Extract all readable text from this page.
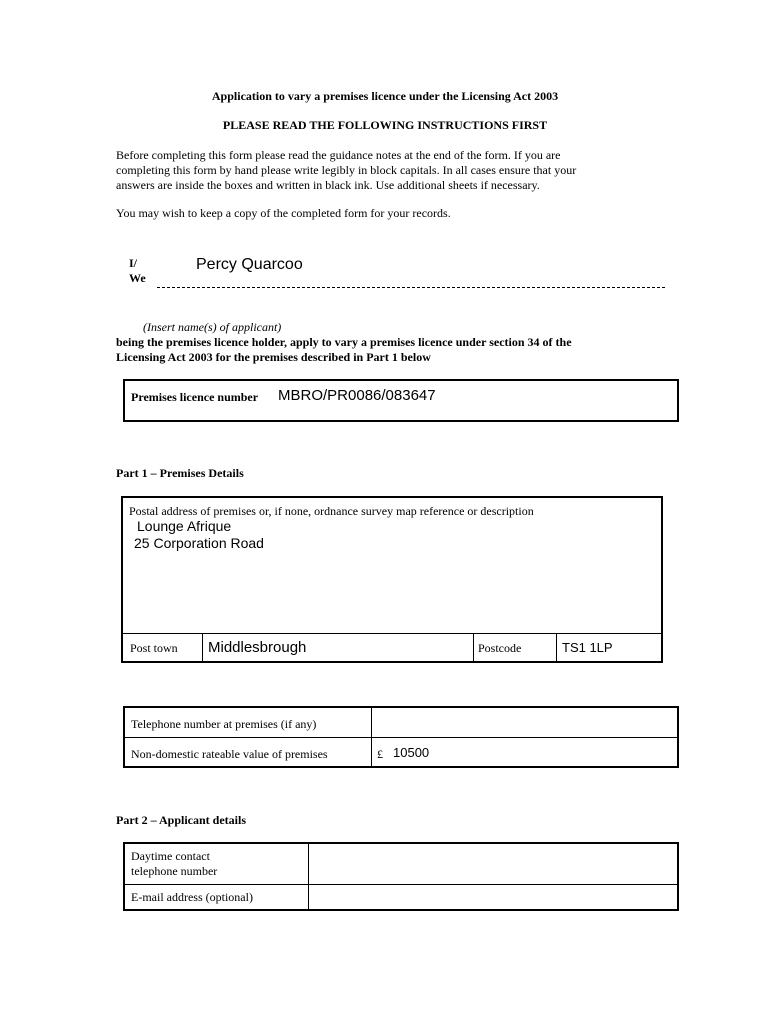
Application to vary a premises licence under the Licensing Act 2003
PLEASE READ THE FOLLOWING INSTRUCTIONS FIRST
Before completing this form please read the guidance notes at the end of the form. If you are
completing this form by hand please write legibly in block capitals. In all cases ensure that your
answers are inside the boxes and written in black ink. Use additional sheets if necessary.
You may wish to keep a copy of the completed form for your records.
I/
We
Percy Quarcoo
(Insert name(s) of applicant)
being the premises licence holder, apply to vary a premises licence under section 34 of the
Licensing Act 2003 for the premises described in Part 1 below
Premises licence number MBRO/PR0086/083647
Part 1 – Premises Details
Postal address of premises or, if none, ordnance survey map reference or description
Lounge Afrique
25 Corporation Road
Post town Middlesbrough	Postcode	TS1 1LP
Telephone number at premises (if any)
Non-domestic rateable value of premises	£ 10500
Part 2 – Applicant details
Daytime contact
telephone number
E-mail address (optional)
